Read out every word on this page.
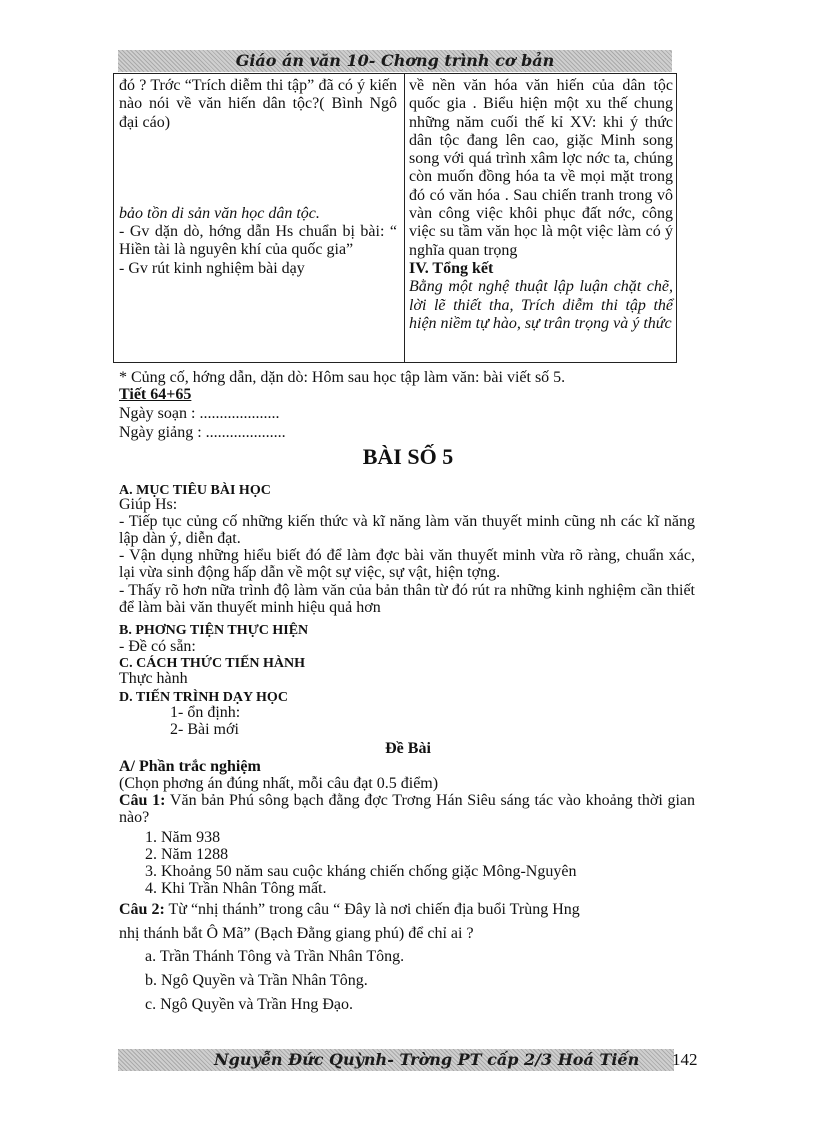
Giáo án văn 10- Chơng trình cơ bản
đó ? Trớc “Trích diễm thi tập” đã có ý kiến nào nói về văn hiến dân tộc?( Bình Ngô đại cáo)
bảo tồn di sản văn học dân tộc.
- Gv dặn dò, hớng dẫn Hs chuẩn bị bài: “ Hiền tài là nguyên khí của quốc gia”
- Gv rút kinh nghiệm bài dạy
về nền văn hóa văn hiến của dân tộc quốc gia . Biểu hiện một xu thế chung những năm cuối thế kỉ XV: khi ý thức dân tộc đang lên cao, giặc Minh song song với quá trình xâm lợc nớc ta, chúng còn muốn đồng hóa ta về mọi mặt trong đó có văn hóa . Sau chiến tranh trong vô vàn công việc khôi phục đất nớc, công việc su tầm văn học là một việc làm có ý nghĩa quan trọng
IV. Tổng kết
Bằng một nghệ thuật lập luận chặt chẽ, lời lẽ thiết tha, Trích diễm thi tập thể hiện niềm tự hào, sự trân trọng và ý thức
* Củng cố, hớng dẫn, dặn dò: Hôm sau học tập làm văn: bài viết số 5.
Tiết 64+65
Ngày soạn : ....................
Ngày giảng : ....................
BÀI SỐ 5
A. MỤC TIÊU BÀI HỌC
Giúp Hs:
- Tiếp tục củng cố những kiến thức và kĩ năng làm văn thuyết minh cũng nh các kĩ năng lập dàn ý, diễn đạt.
- Vận dụng những hiểu biết đó để làm đợc bài văn thuyết minh vừa rõ ràng, chuẩn xác, lại vừa sinh động hấp dẫn về một sự việc, sự vật, hiện tợng.
- Thấy rõ hơn nữa trình độ làm văn của bản thân từ đó rút ra những kinh nghiệm cần thiết để làm bài văn thuyết minh hiệu quả hơn
B. PHƠNG TIỆN THỰC HIỆN
- Đề có sẵn:
C. CÁCH THỨC TIẾN HÀNH
Thực hành
D. TIẾN TRÌNH DẠY HỌC
1- ổn định:
2- Bài mới
Đề Bài
A/ Phần trắc nghiệm
(Chọn phơng án đúng nhất, mỗi câu đạt 0.5 điểm)
Câu 1: Văn bản Phú sông bạch đằng đợc Trơng Hán Siêu sáng tác vào khoảng thời gian nào?
1. Năm 938
2. Năm 1288
3. Khoảng 50 năm sau cuộc kháng chiến chống giặc Mông-Nguyên
4. Khi Trần Nhân Tông mất.
Câu 2: Từ “nhị thánh” trong câu “ Đây là nơi chiến địa buổi Trùng Hng
nhị thánh bắt Ô Mã” (Bạch Đằng giang phú) để chỉ ai ?
a. Trần Thánh Tông và Trần Nhân Tông.
b. Ngô Quyền và Trần Nhân Tông.
c. Ngô Quyền và Trần Hng Đạo.
Nguyễn Đức Quỳnh- Trờng PT cấp 2/3 Hoá Tiến	142
